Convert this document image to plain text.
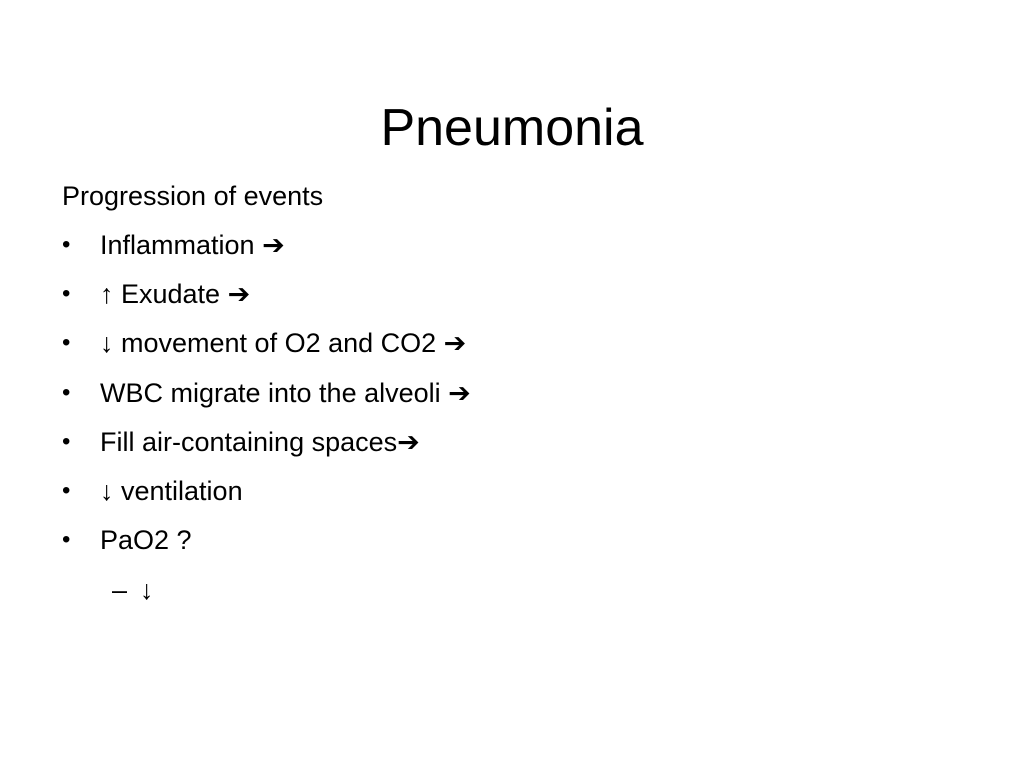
Pneumonia
Progression of events
•	Inflammation ➔
•	↑ Exudate ➔
•	↓ movement of O2 and CO2 ➔
•	WBC migrate into the alveoli ➔
•	Fill air-containing spaces➔
•	↓ ventilation
•	PaO2 ?
– ↓
